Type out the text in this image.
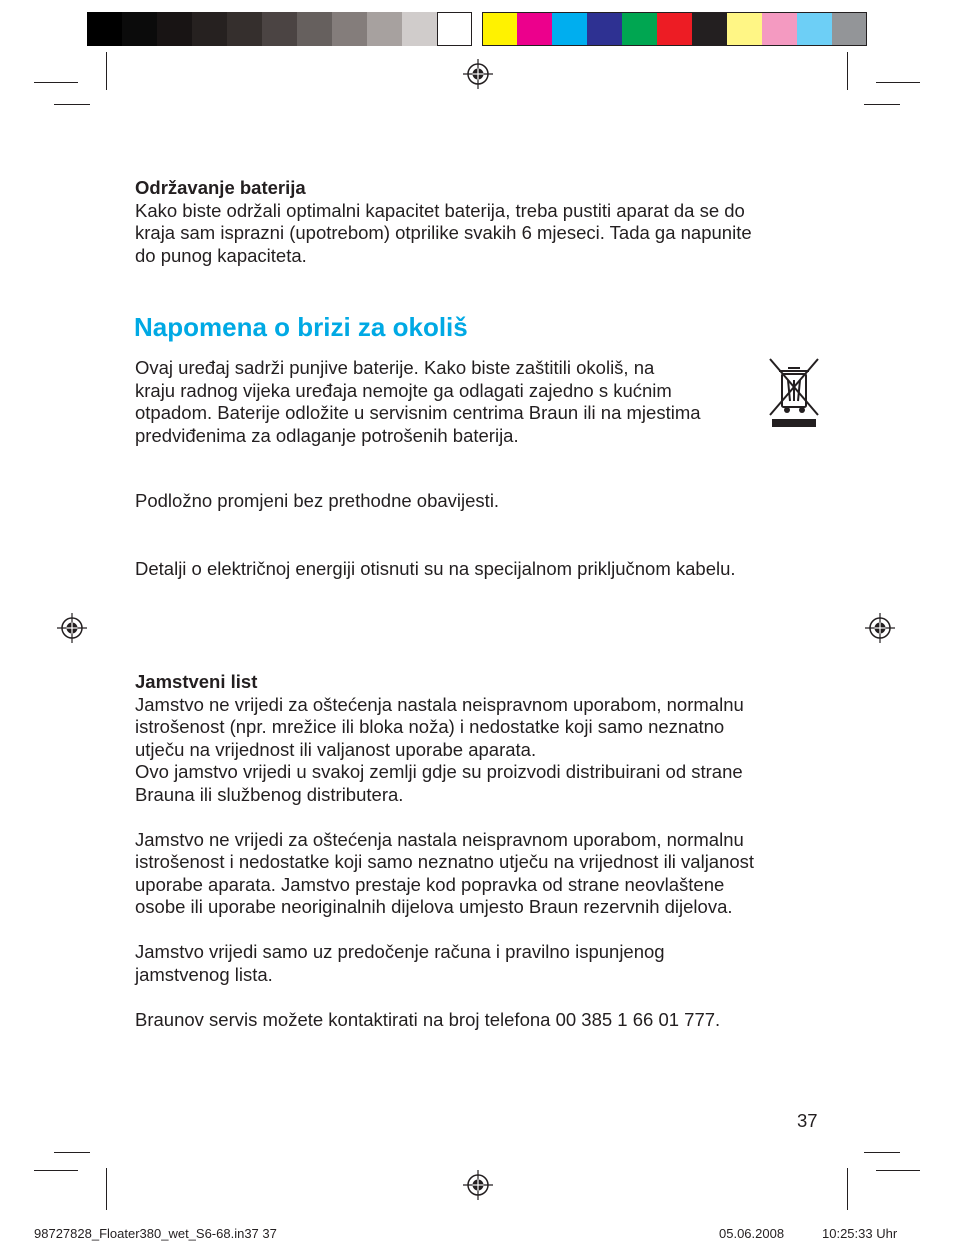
Održavanje baterija

Kako biste održali optimalni kapacitet baterija, treba pustiti aparat da se do

kraja sam isprazni (upotrebom) otprilike svakih 6 mjeseci. Tada ga napunite

do punog kapaciteta.

Napomena o brizi za okoliš

Ovaj uređaj sadrži punjive baterije. Kako biste zaštitili okoliš, na

kraju radnog vijeka uređaja nemojte ga odlagati zajedno s kućnim

otpadom. Baterije odložite u servisnim centrima Braun ili na mjestima

predviđenima za odlaganje potrošenih baterija.

Podložno promjeni bez prethodne obavijesti.
Detalji o električnoj energiji otisnuti su na specijalnom priključnom kabelu.

Jamstveni list

Jamstvo ne vrijedi za oštećenja nastala neispravnom uporabom, normalnu

istrošenost (npr. mrežice ili bloka noža) i nedostatke koji samo neznatno

utječu na vrijednost ili valjanost uporabe aparata.

Ovo jamstvo vrijedi u svakoj zemlji gdje su proizvodi distribuirani od strane

Brauna ili službenog distributera.

Jamstvo ne vrijedi za oštećenja nastala neispravnom uporabom, normalnu

istrošenost i nedostatke koji samo neznatno utječu na vrijednost ili valjanost

uporabe aparata. Jamstvo prestaje kod popravka od strane neovlaštene

osobe ili uporabe neoriginalnih dijelova umjesto Braun rezervnih dijelova.

Jamstvo vrijedi samo uz predočenje računa i pravilno ispunjenog

jamstvenog lista.

Braunov servis možete kontaktirati na broj telefona 00 385 1 66 01 777.

37
98727828_Floater380_wet_S6-68.in37 37	05.06.2008	10:25:33 Uhr
